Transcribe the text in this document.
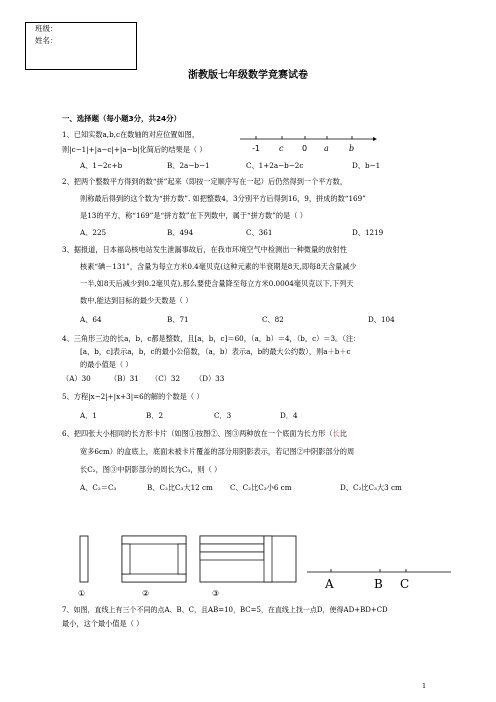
班级：
姓名：
浙教版七年级数学竞赛试卷
一、选择题（每小题3分，共24分）
1、已知实数a,b,c在数轴的对应位置如图，
则|c−1|+|a−c|+|a−b|化简后的结果是（ ）	-1 c 0 a	b
A、1−2c+b	B、2a−b−1	C、1+2a−b−2c	D、b−1
2、把两个整数平方得到的数“拼”起来（即按一定顺序写在一起）后仍然得到一个平方数，
则称最后得到的这个数为“拼方数”. 如把整数4，3分别平方后得到16，9，拼成的数“169”
是13的平方，称“169”是“拼方数”在下列数中，属于“拼方数”的是（ ）
A、225	B、494	C、361	D、1219
3、据报道，日本福岛核电站发生泄漏事故后，在我市环境空气中检测出一种微量的放射性
核素“碘－131”，含量为每立方米0.4毫贝克(这种元素的半衰期是8天,即每8天含量减少
一半,如8天后减少到0.2毫贝克),那么要使含量降至每立方米0.0004毫贝克以下,下列天
数中,能达到目标的最少天数是（ ）
A、64	B、71	C、82	D、104
4、三角形三边的长a，b，c都是整数，且[a，b，c]＝60，（a，b）＝4，（b，c）＝3。（注：
[a，b，c]表示a，b，c的最小公倍数，（a，b）表示a，b的最大公约数），则a＋b＋c
的最小值是（ ）
（A）30	（B）31 （C）32 （D）33
5、方程|x−2|+|x+3|=6的解的个数是（ ）
A．1	B．2	C．3	D．4
6、把四张大小相同的长方形卡片（如图①按图②、图③两种放在一个底面为长方形（长比
宽多6cm）的盒底上，底面未被卡片覆盖的部分用阴影表示，若记图②中阴影部分的周
长C₂，图③中阴影部分的周长为C₃，则（ ）
A、C₂＝C₃	B、C₂比C₃大12 cm C、C₂比C₃小6 cm	D、C₂比C₃大3 cm
①	②	③
A	B C
7、如图，直线上有三个不同的点A、B、C，且AB=10，BC=5，在直线上找一点D，使得AD+BD+CD
最小，这个最小值是（ ）
1
